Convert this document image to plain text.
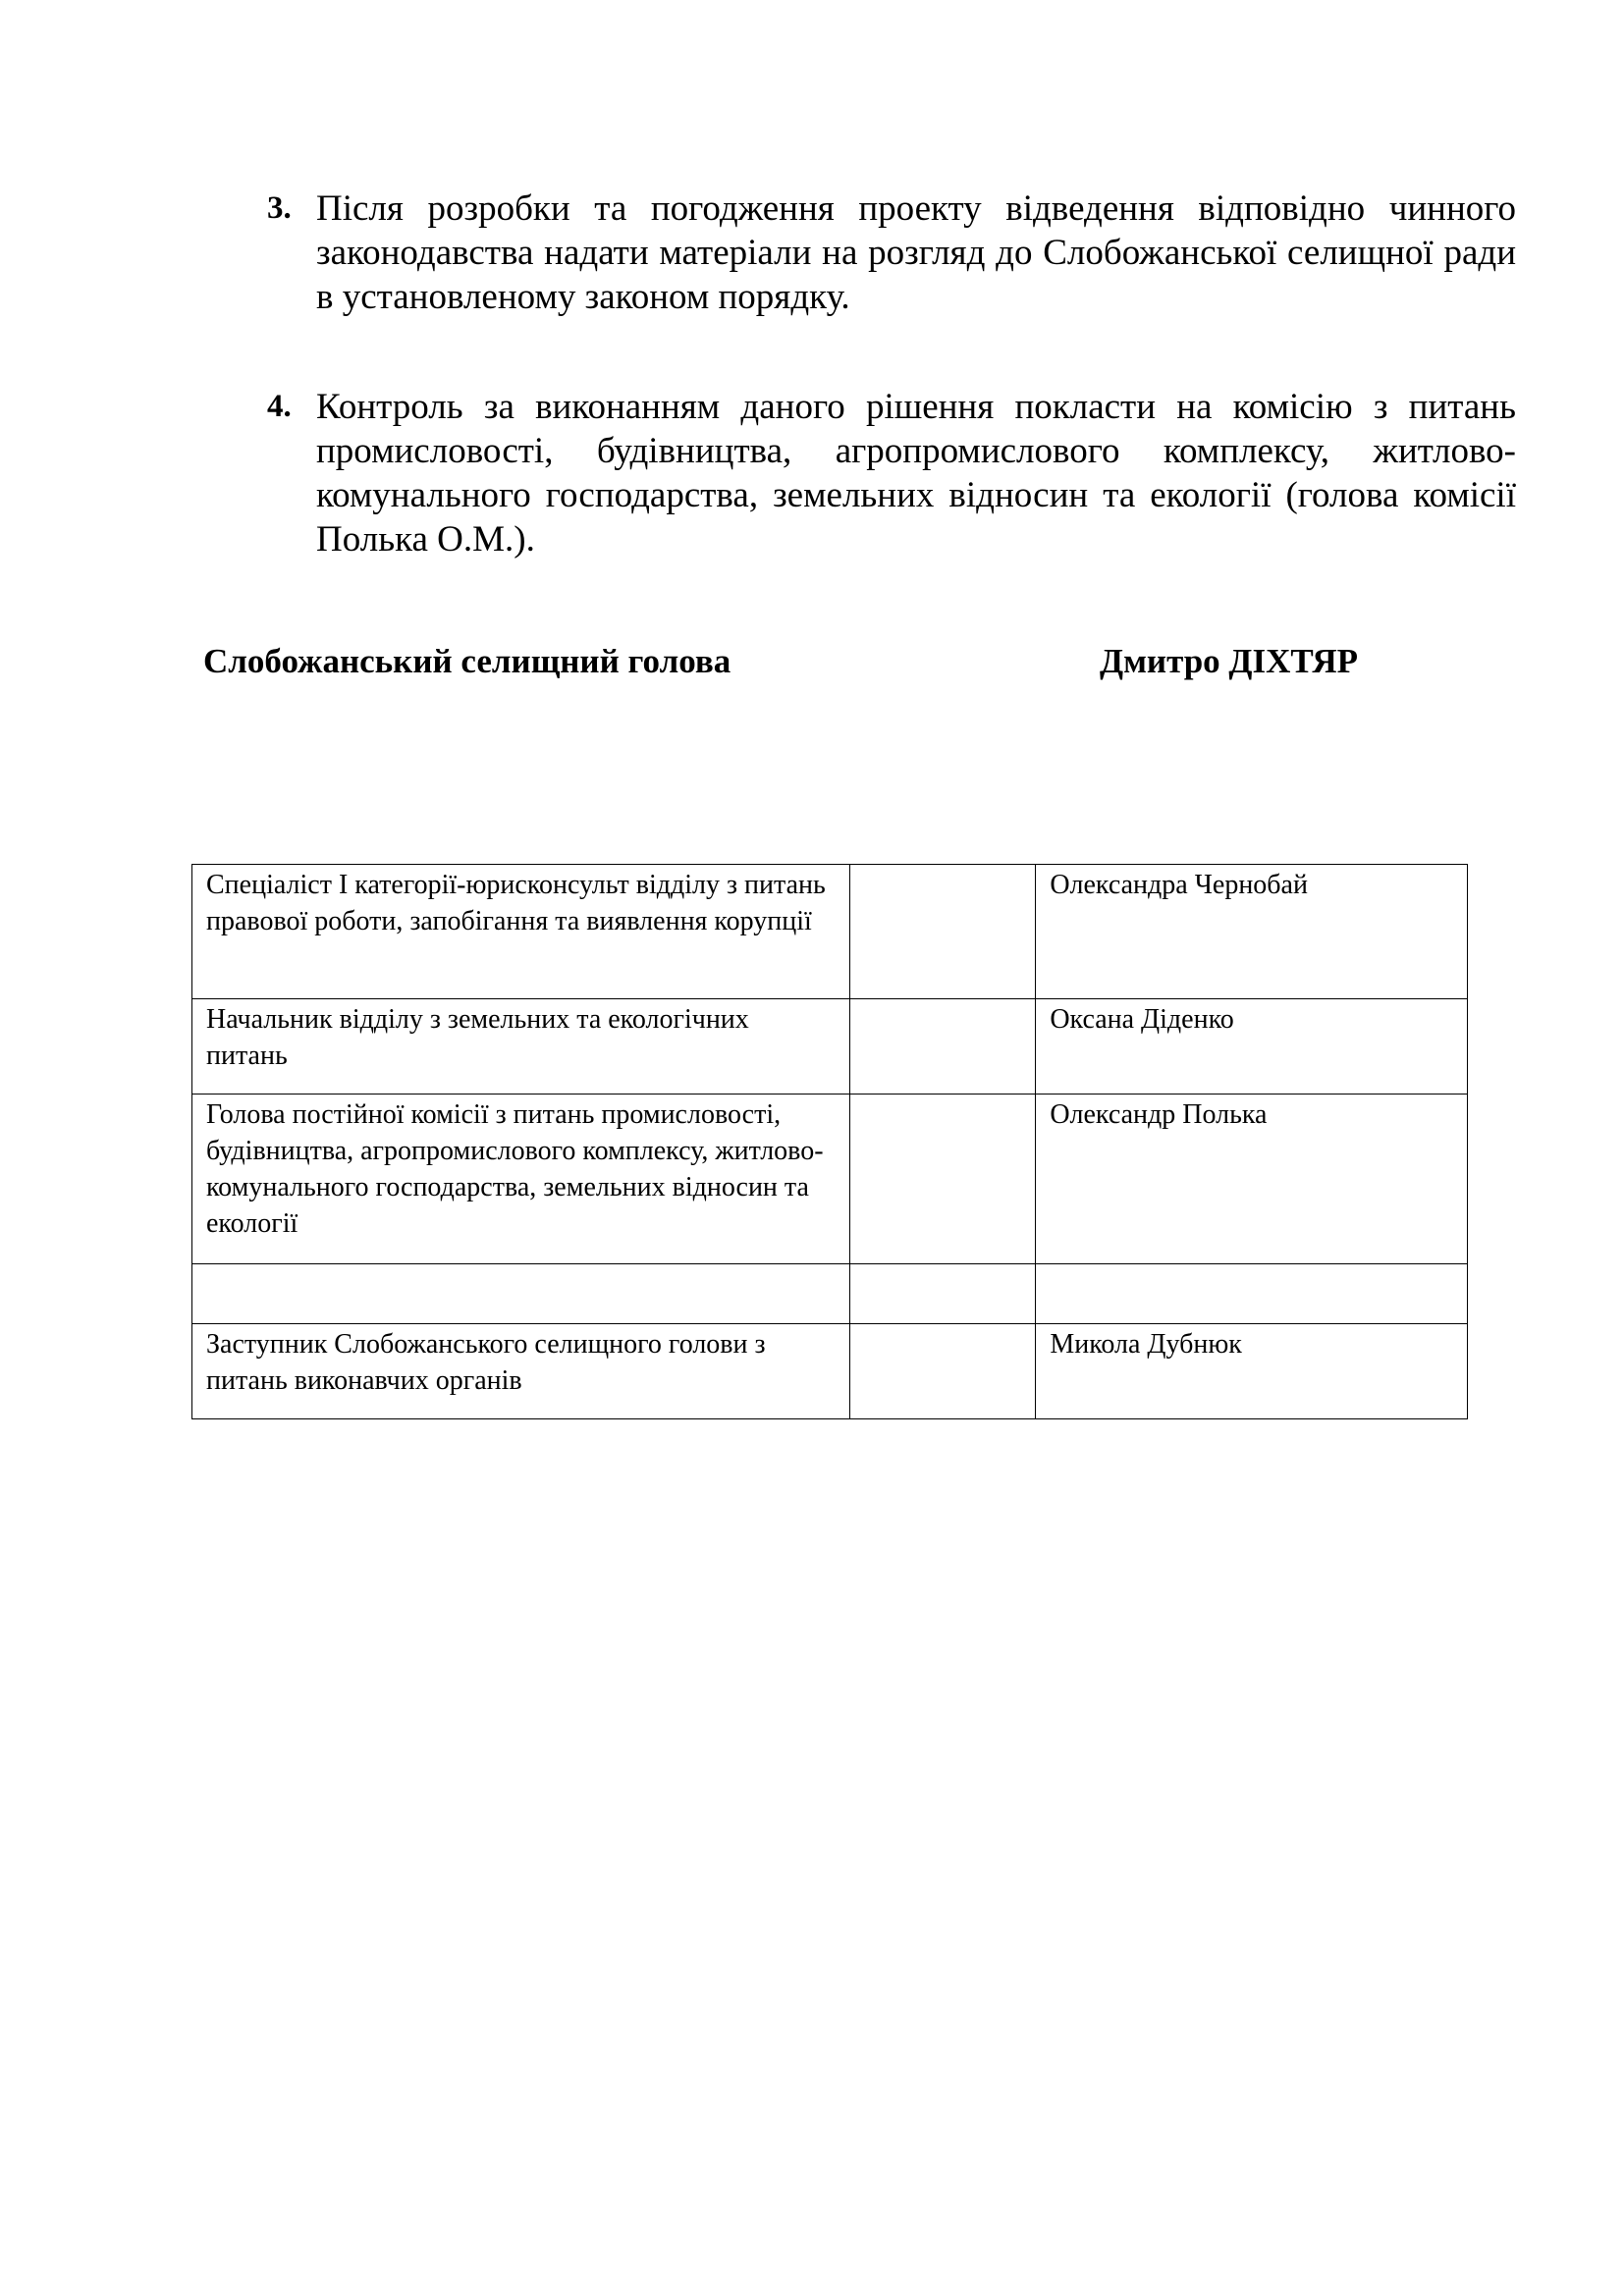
3. Після розробки та погодження проекту відведення відповідно чинного законодавства надати матеріали на розгляд до Слобожанської селищної ради в установленому законом порядку.
4. Контроль за виконанням даного рішення покласти на комісію з питань промисловості, будівництва, агропромислового комплексу, житлово-комунального господарства, земельних відносин та екології (голова комісії Полька О.М.).
Слобожанський селищний голова	Дмитро ДІХТЯР
Спеціаліст І категорії-юрисконсульт відділу з питань правової роботи, запобігання та виявлення корупції		Олександра Чернобай
Начальник відділу з земельних та екологічних питань		Оксана Діденко
Голова постійної комісії з питань промисловості, будівництва, агропромислового комплексу, житлово-комунального господарства, земельних відносин та екології		Олександр Полька

Заступник Слобожанського селищного голови з питань виконавчих органів		Микола Дубнюк
